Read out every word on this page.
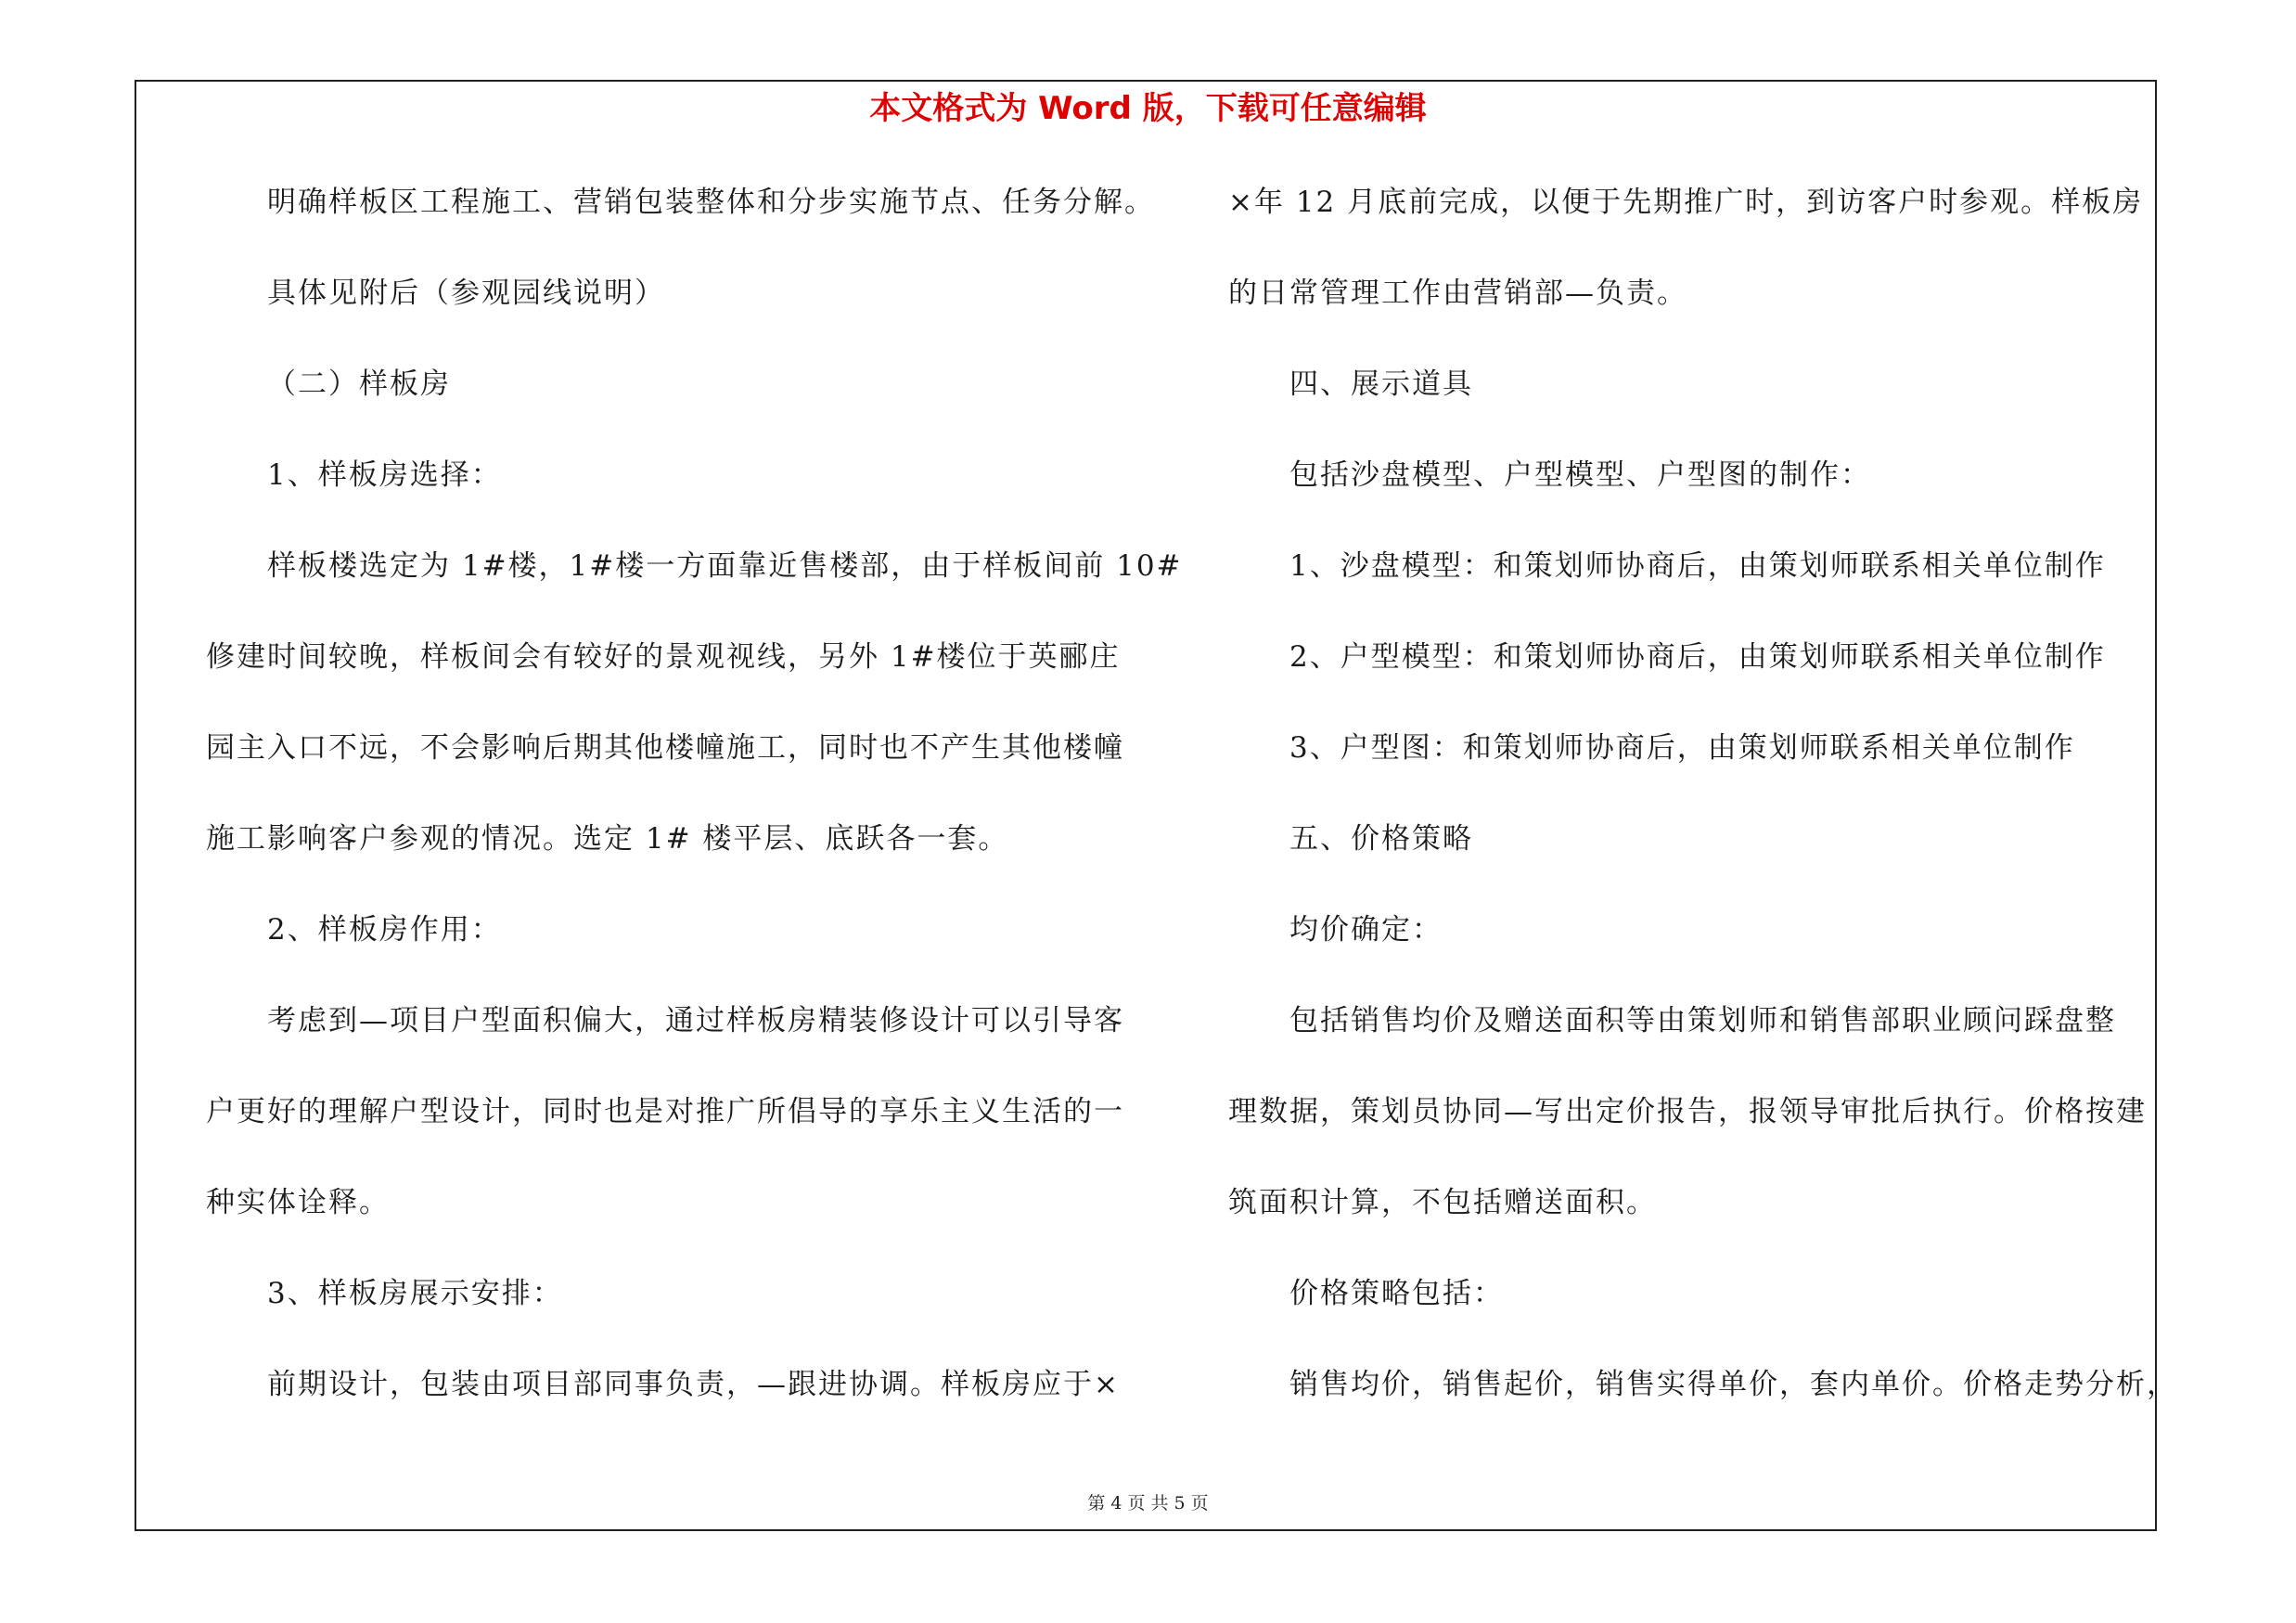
本文格式为 Word 版，下载可任意编辑
明确样板区工程施工、营销包装整体和分步实施节点、任务分解。
具体见附后（参观园线说明）
（二）样板房
1、样板房选择：
样板楼选定为 1#楼，1#楼一方面靠近售楼部，由于样板间前 10#
修建时间较晚，样板间会有较好的景观视线，另外 1#楼位于英郦庄
园主入口不远，不会影响后期其他楼幢施工，同时也不产生其他楼幢
施工影响客户参观的情况。选定 1# 楼平层、底跃各一套。
2、样板房作用：
考虑到—项目户型面积偏大，通过样板房精装修设计可以引导客
户更好的理解户型设计，同时也是对推广所倡导的享乐主义生活的一
种实体诠释。
3、样板房展示安排：
前期设计，包装由项目部同事负责，—跟进协调。样板房应于×
×年 12 月底前完成，以便于先期推广时，到访客户时参观。样板房
的日常管理工作由营销部—负责。
四、展示道具
包括沙盘模型、户型模型、户型图的制作：
1、沙盘模型：和策划师协商后，由策划师联系相关单位制作
2、户型模型：和策划师协商后，由策划师联系相关单位制作
3、户型图：和策划师协商后，由策划师联系相关单位制作
五、价格策略
均价确定：
包括销售均价及赠送面积等由策划师和销售部职业顾问踩盘整
理数据，策划员协同—写出定价报告，报领导审批后执行。价格按建
筑面积计算，不包括赠送面积。
价格策略包括：
销售均价，销售起价，销售实得单价，套内单价。价格走势分析，
第 4 页 共 5 页
